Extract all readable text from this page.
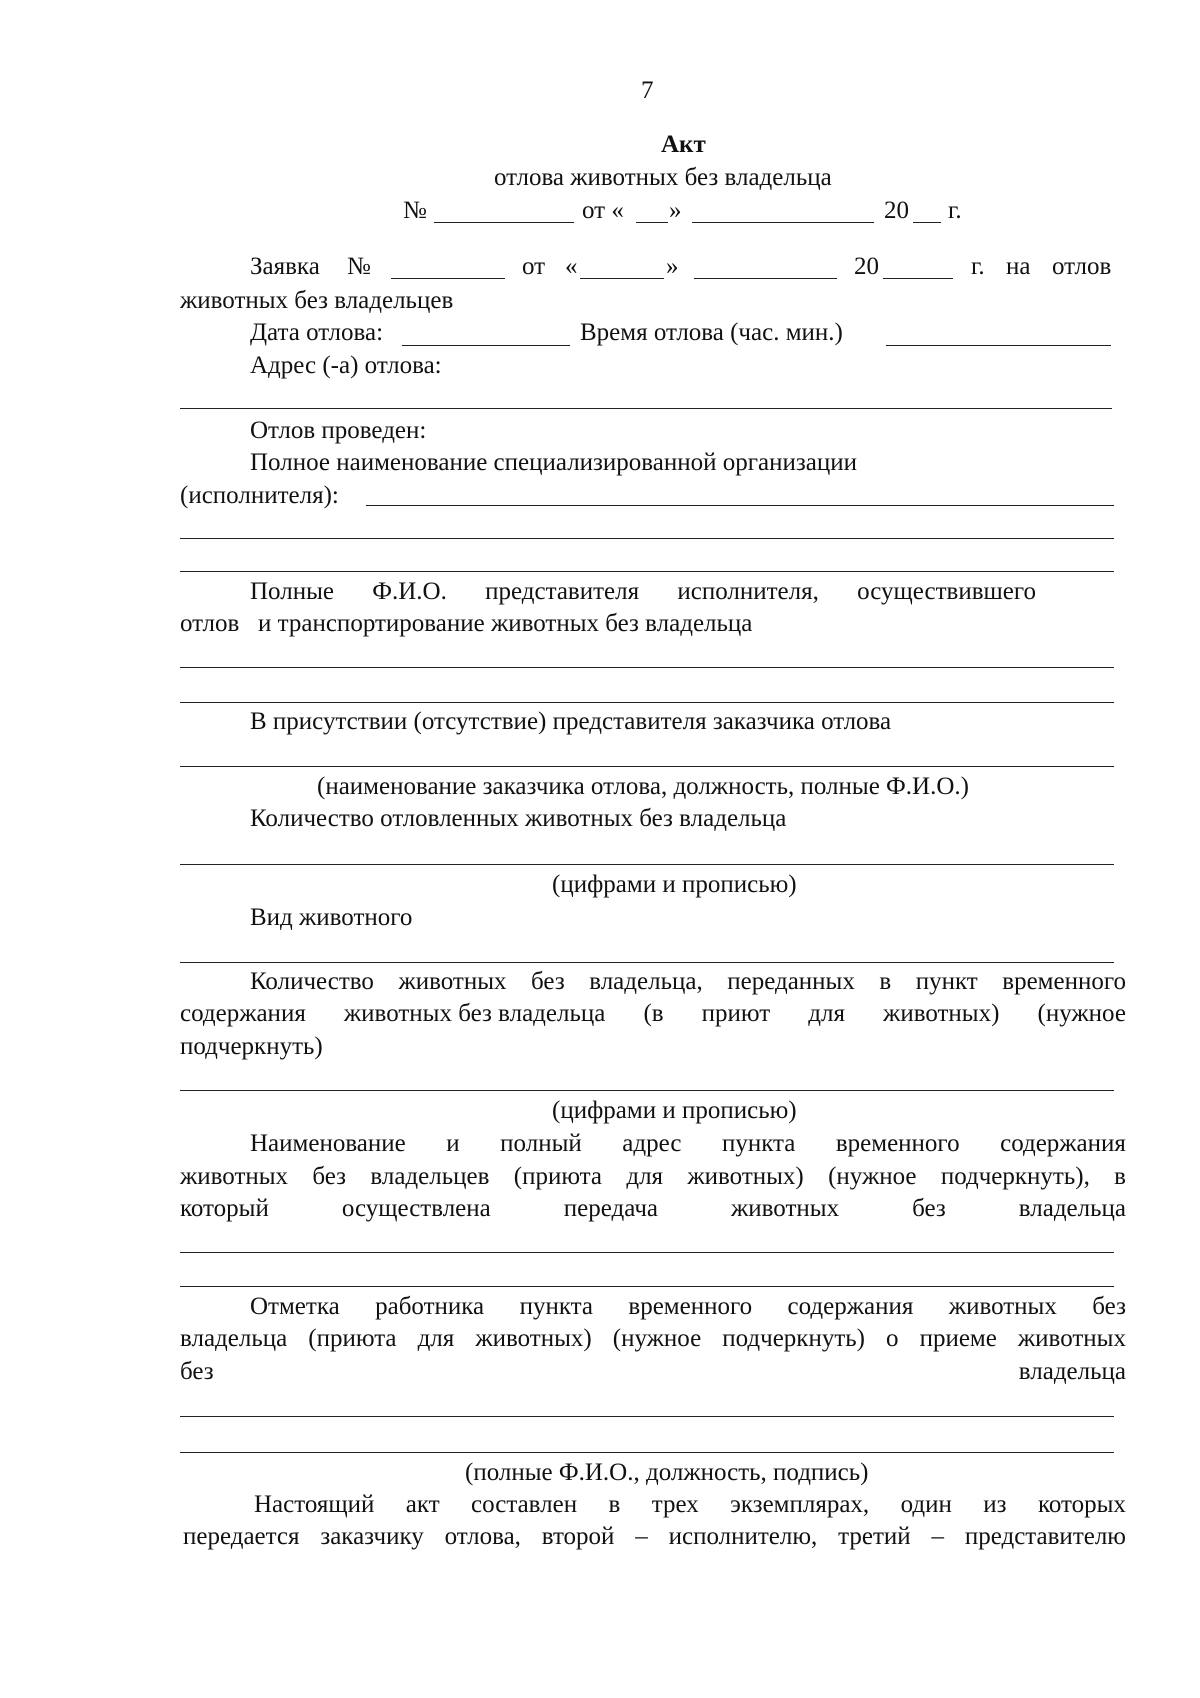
7
Акт
отлова животных без владельца
№	от « »	20 г.
Заявка №	от «	»	20	г. на отлов
животных без владельцев
Дата отлова:	Время отлова (час. мин.)
Адрес (-а) отлова:
Отлов проведен:
Полное наименование специализированной организации
(исполнителя):
Полные Ф.И.О. представителя исполнителя, осуществившего
отлов   и транспортирование животных без владельца
В присутствии (отсутствие) представителя заказчика отлова
(наименование заказчика отлова, должность, полные Ф.И.О.)
Количество отловленных животных без владельца
(цифрами и прописью)
Вид животного
Количество животных без владельца, переданных в пункт временного
содержания животных без владельца (в приют для животных) (нужное
подчеркнуть)
(цифрами и прописью)
Наименование и полный адрес пункта временного содержания
животных без владельцев (приюта для животных) (нужное подчеркнуть), в
который	осуществлена	передача	животных	без	владельца
Отметка работника пункта временного содержания животных без
владельца (приюта для животных) (нужное подчеркнуть) о приеме животных
без	владельца
(полные Ф.И.О., должность, подпись)
Настоящий акт составлен в трех экземплярах, один из которых
передается заказчику отлова, второй – исполнителю, третий – представителю
